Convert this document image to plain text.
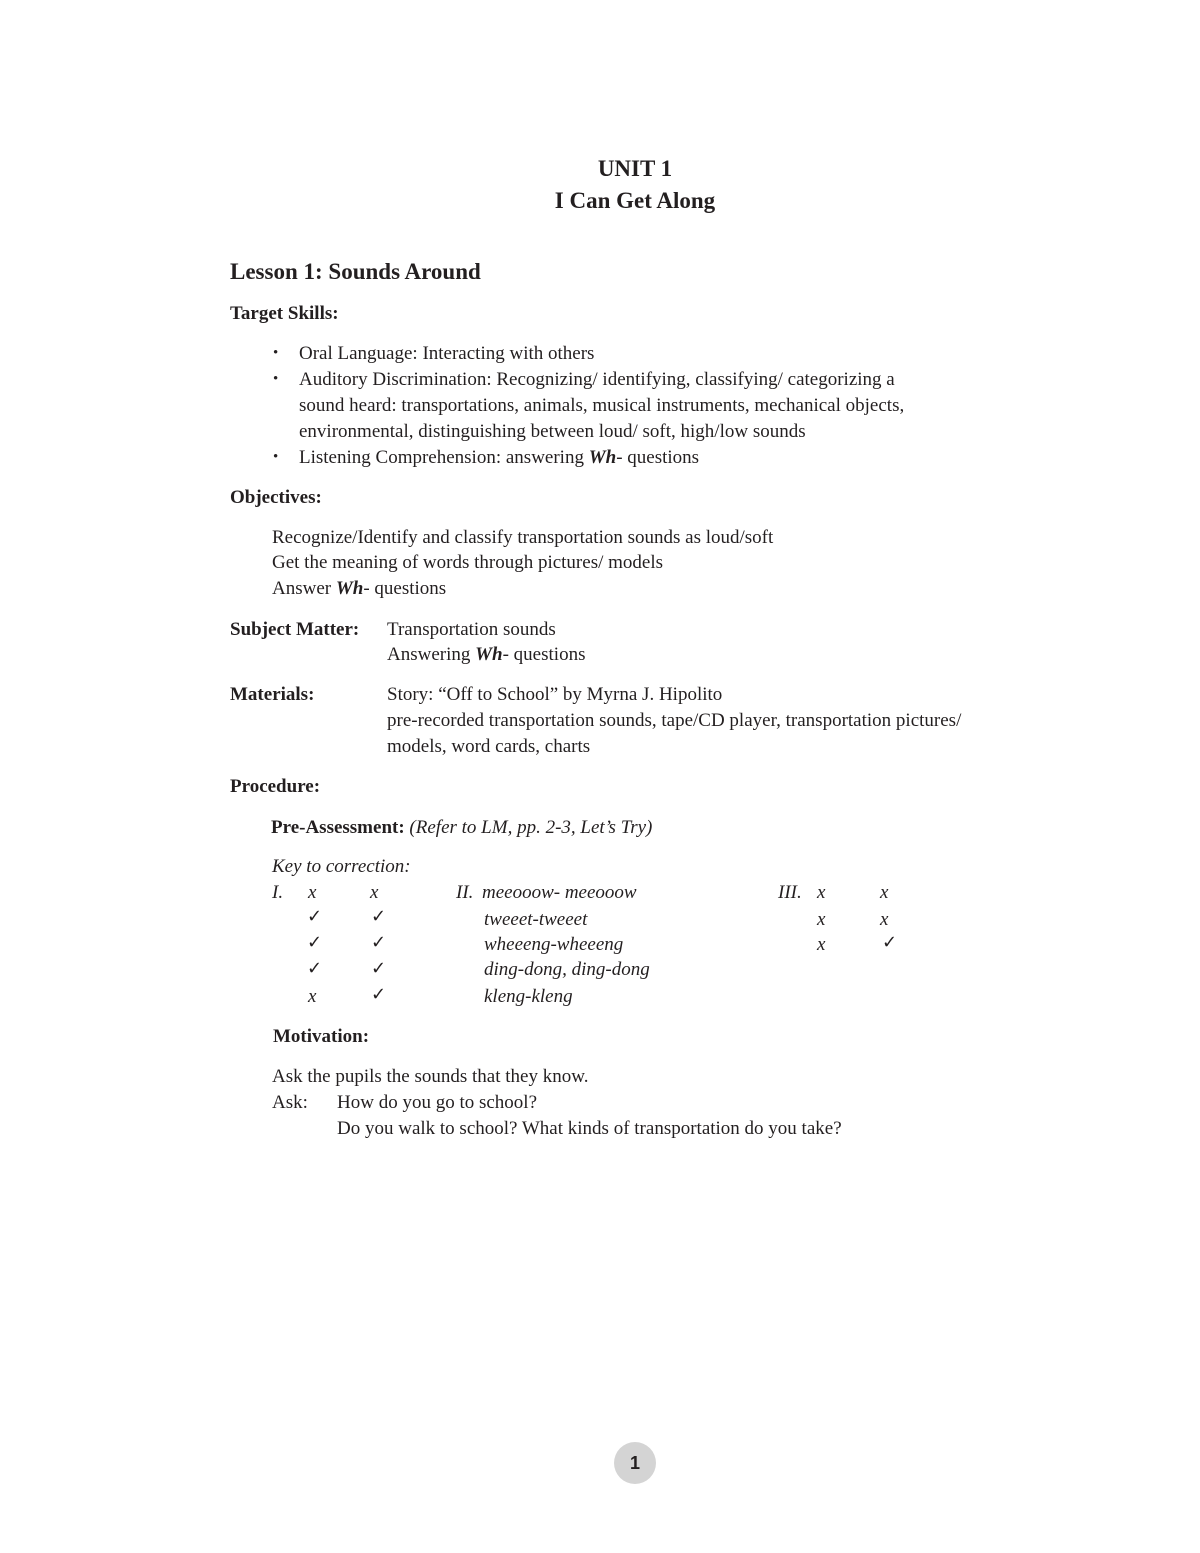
UNIT 1
I Can Get Along
Lesson 1: Sounds Around
Target Skills:
• Oral Language: Interacting with others
• Auditory Discrimination: Recognizing/ identifying, classifying/ categorizing a
sound heard: transportations, animals, musical instruments, mechanical objects,
environmental, distinguishing between loud/ soft, high/low sounds
• Listening Comprehension: answering Wh- questions
Objectives:
Recognize/Identify and classify transportation sounds as loud/soft
Get the meaning of words through pictures/ models
Answer Wh- questions
Subject Matter: Transportation sounds
Answering Wh- questions
Materials:	Story: “Off to School” by Myrna J. Hipolito
pre-recorded transportation sounds, tape/CD player, transportation pictures/
models, word cards, charts
Procedure:
Pre-Assessment: (Refer to LM, pp. 2-3, Let’s Try)
Key to correction:
I. x	x
✓	✓
✓	✓
✓	✓
x	✓
II. meeooow- meeooow
tweeet-tweeet
wheeeng-wheeeng
ding-dong, ding-dong
kleng-kleng
III. x	x
x	x
x	✓
Motivation:
Ask the pupils the sounds that they know.
Ask: How do you go to school?
Do you walk to school? What kinds of transportation do you take?
1
